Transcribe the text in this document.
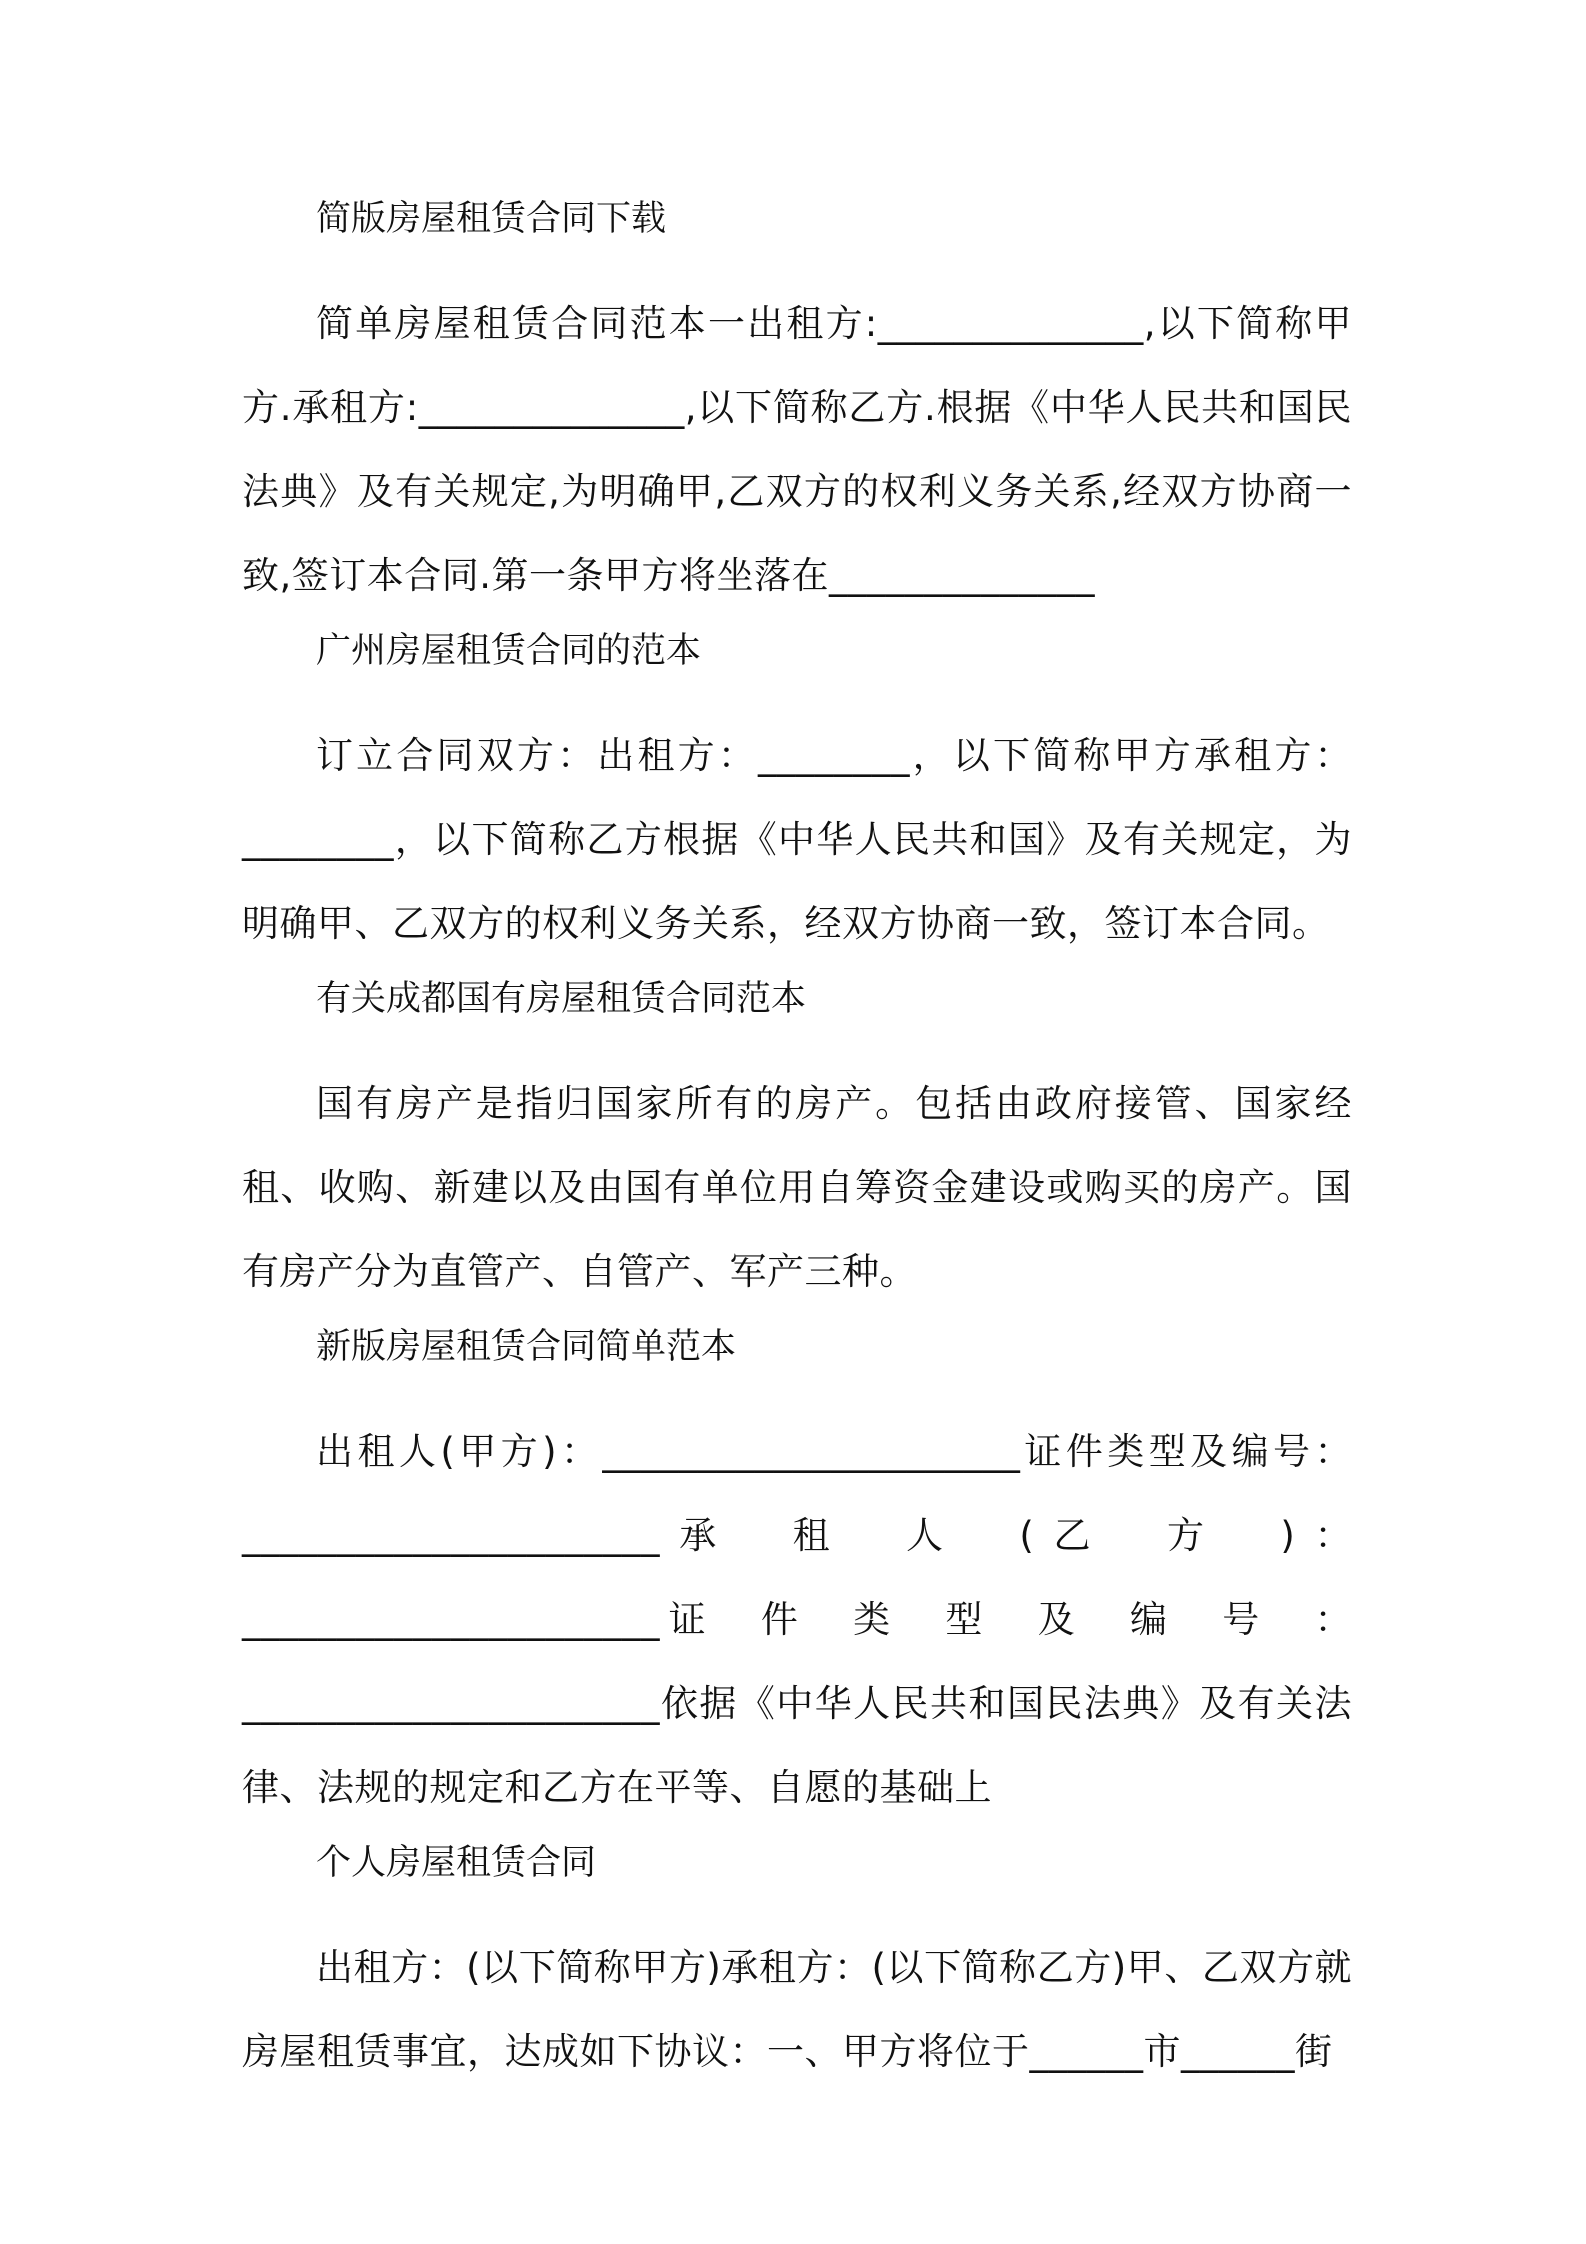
简版房屋租赁合同下载

简单房屋租赁合同范本一出租方:______________,以下简称甲方.承租方:______________,以下简称乙方.根据《中华人民共和国民法典》及有关规定,为明确甲,乙双方的权利义务关系,经双方协商一致,签订本合同.第一条甲方将坐落在______________

广州房屋租赁合同的范本

订立合同双方：出租方：________，以下简称甲方承租方：________，以下简称乙方根据《中华人民共和国》及有关规定，为明确甲、乙双方的权利义务关系，经双方协商一致，签订本合同。

有关成都国有房屋租赁合同范本

国有房产是指归国家所有的房产。包括由政府接管、国家经租、收购、新建以及由国有单位用自筹资金建设或购买的房产。国有房产分为直管产、自管产、军产三种。

新版房屋租赁合同简单范本

出租人(甲方)：______________________证件类型及编号：______________________承　租　人　(乙　方　)：______________________证　件　类　型　及　编　号　：______________________依据《中华人民共和国民法典》及有关法律、法规的规定和乙方在平等、自愿的基础上

个人房屋租赁合同

出租方：(以下简称甲方)承租方：(以下简称乙方)甲、乙双方就房屋租赁事宜，达成如下协议：一、甲方将位于______市______街
